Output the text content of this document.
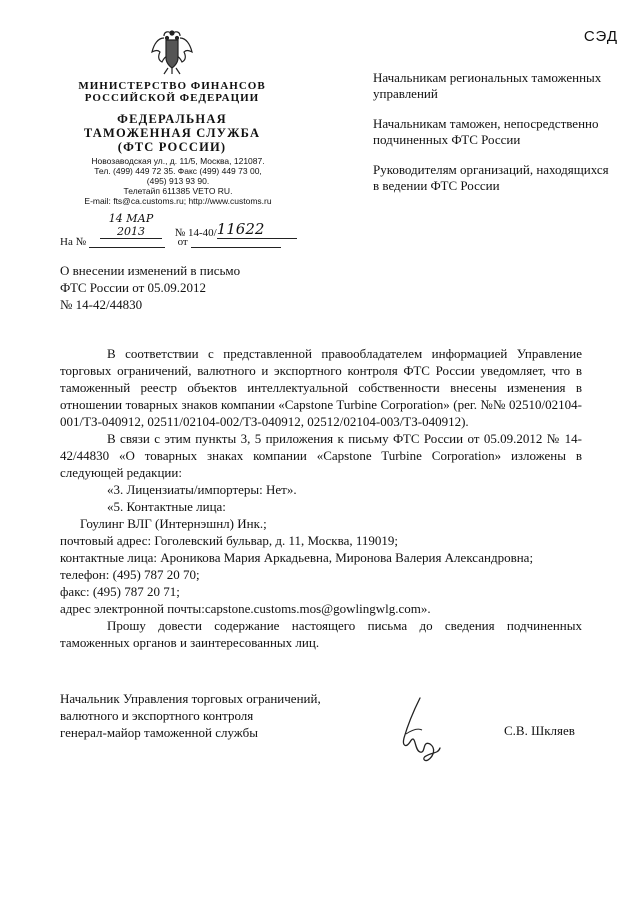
СЭД
МИНИСТЕРСТВО ФИНАНСОВ
РОССИЙСКОЙ ФЕДЕРАЦИИ
ФЕДЕРАЛЬНАЯ
ТАМОЖЕННАЯ СЛУЖБА
(ФТС РОССИИ)
Новозаводская ул., д. 11/5, Москва, 121087.
Тел. (499) 449 72 35. Факс (499) 449 73 00,
(495) 913 93 90.
Телетайп 611385 VETO RU.
E-mail: fts@ca.customs.ru; http://www.customs.ru
14 МАР 2013	№ 14-40/11622
На №	от

Начальникам региональных таможенных управлений

Начальникам таможен, непосредственно подчиненных ФТС России

Руководителям организаций, находящихся в ведении ФТС России

О внесении изменений в письмо
ФТС России от 05.09.2012
№ 14-42/44830

В соответствии с представленной правообладателем информацией Управление торговых ограничений, валютного и экспортного контроля ФТС России уведомляет, что в таможенный реестр объектов интеллектуальной собственности внесены изменения в отношении товарных знаков компании «Capstone Turbine Corporation» (рег. №№ 02510/02104-001/ТЗ-040912, 02511/02104-002/ТЗ-040912, 02512/02104-003/ТЗ-040912).

В связи с этим пункты 3, 5 приложения к письму ФТС России от 05.09.2012 № 14-42/44830 «О товарных знаках компании «Capstone Turbine Corporation» изложены в следующей редакции:

«3. Лицензиаты/импортеры: Нет».

«5. Контактные лица:

Гоулинг ВЛГ (Интернэшнл) Инк.;

почтовый адрес: Гоголевский бульвар, д. 11, Москва, 119019;

контактные лица: Ароникова Мария Аркадьевна, Миронова Валерия Александровна;

телефон: (495) 787 20 70;

факс: (495) 787 20 71;

адрес электронной почты:capstone.customs.mos@gowlingwlg.com».

Прошу довести содержание настоящего письма до сведения подчиненных таможенных органов и заинтересованных лиц.

Начальник Управления торговых ограничений,
валютного и экспортного контроля
генерал-майор таможенной службы	С.В. Шкляев
